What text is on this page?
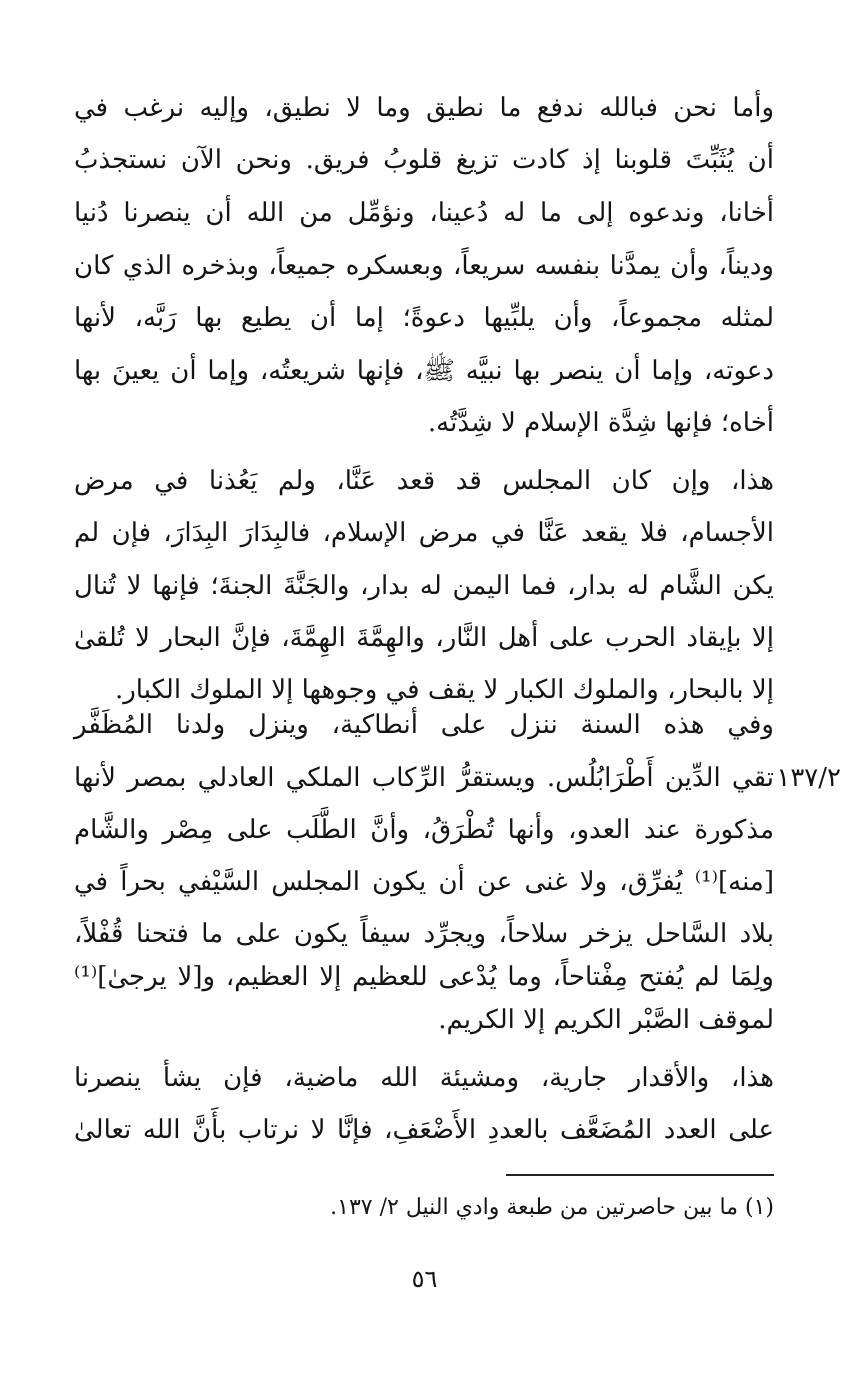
وأما نحن فبالله ندفع ما نطيق وما لا نطيق، وإليه نرغب في
أن يُثَبِّتَ قلوبنا إذ كادت تزيغ قلوبُ فريق. ونحن الآن نستجذبُ
أخانا، وندعوه إلى ما له دُعينا، ونؤمِّل من الله أن ينصرنا دُنيا
وديناً، وأن يمدَّنا بنفسه سريعاً، وبعسكره جميعاً، وبذخره الذي كان
لمثله مجموعاً، وأن يلبِّيها دعوةً؛ إما أن يطيع بها رَبَّه، لأنها
دعوته، وإما أن ينصر بها نبيَّه ﷺ، فإنها شريعتُه، وإما أن يعينَ بها
أخاه؛ فإنها شِدَّة الإسلام لا شِدَّتُه.
هذا، وإن كان المجلس قد قعد عَنَّا، ولم يَعُذنا في مرض
الأجسام، فلا يقعد عَنَّا في مرض الإسلام، فالبِدَارَ البِدَارَ، فإن لم
يكن الشَّام له بدار، فما اليمن له بدار، والجَنَّةَ الجنةَ؛ فإنها لا تُنال
إلا بإيقاد الحرب على أهل النَّار، والهِمَّةَ الهِمَّةَ، فإنَّ البحار لا تُلقىٰ
إلا بالبحار، والملوك الكبار لا يقف في وجوهها إلا الملوك الكبار.
وفي هذه السنة ننزل على أنطاكية، وينزل ولدنا المُظَفَّر
تقي الدِّين أَطْرَابُلُس. ويستقرُّ الرِّكاب الملكي العادلي بمصر لأنها
مذكورة عند العدو، وأنها تُطْرَقُ، وأنَّ الطَّلَب على مِصْر والشَّام
[منه]⁽¹⁾ يُفرِّق، ولا غنى عن أن يكون المجلس السَّيْفي بحراً في
بلاد السَّاحل يزخر سلاحاً، ويجرِّد سيفاً يكون على ما فتحنا قُفْلاً،
ولِمَا لم يُفتح مِفْتاحاً، وما يُدْعى للعظيم إلا العظيم، و[لا يرجىٰ]⁽¹⁾
لموقف الصَّبْر الكريم إلا الكريم.
هذا، والأقدار جارية، ومشيئة الله ماضية، فإن يشأ ينصرنا
على العدد المُضَعَّف بالعددِ الأَضْعَفِ، فإنَّا لا نرتاب بأَنَّ الله تعالىٰ
١٣٧/٢
(١) ما بين حاصرتين من طبعة وادي النيل ٢/ ١٣٧.
٥٦
